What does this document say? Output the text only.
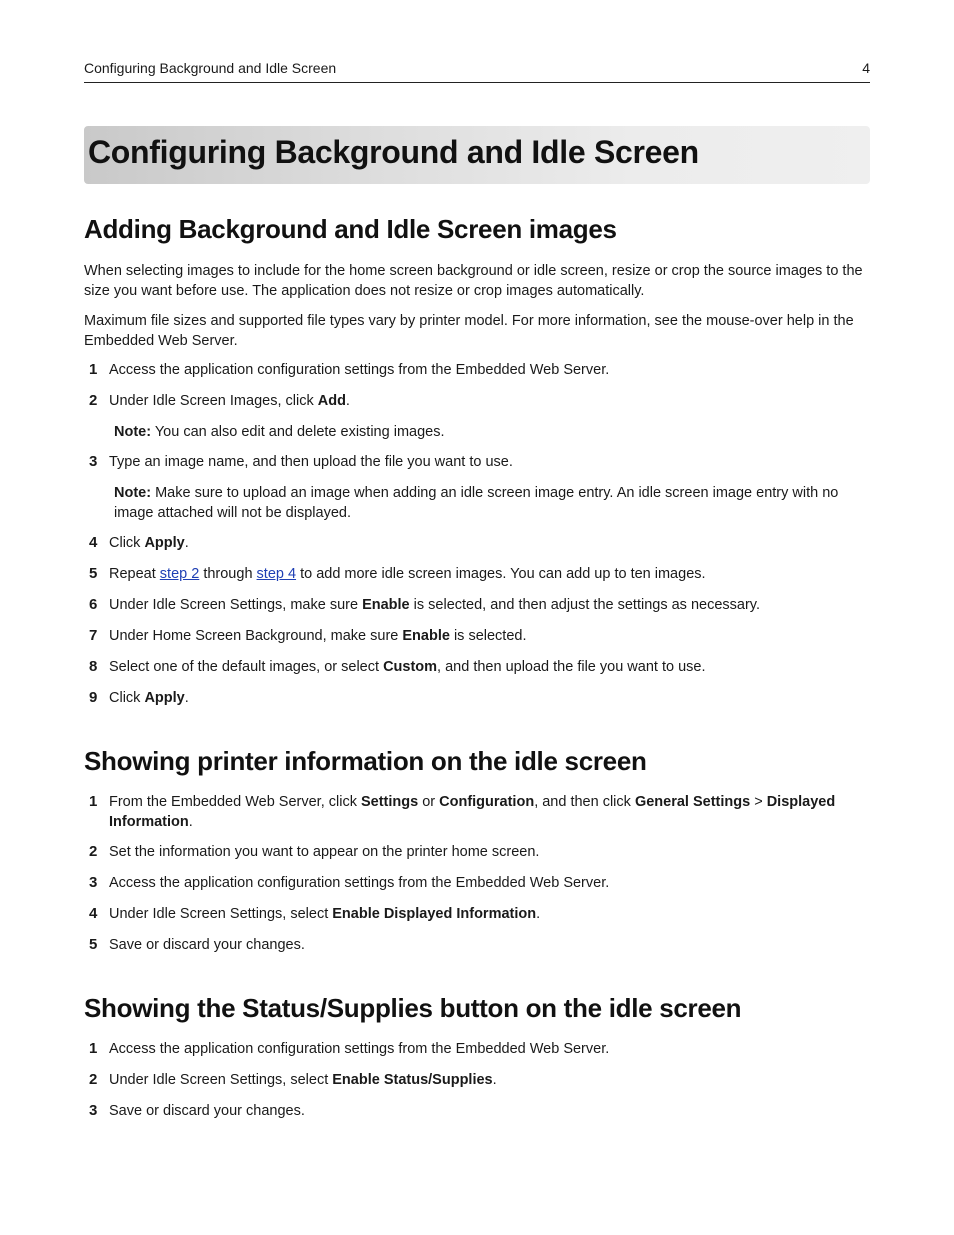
Configuring Background and Idle Screen	4
Configuring Background and Idle Screen
Adding Background and Idle Screen images

When selecting images to include for the home screen background or idle screen, resize or crop the source images to the size you want before use. The application does not resize or crop images automatically.

Maximum file sizes and supported file types vary by printer model. For more information, see the mouse-over help in the Embedded Web Server.

1 Access the application configuration settings from the Embedded Web Server.
2 Under Idle Screen Images, click Add.
Note: You can also edit and delete existing images.
3 Type an image name, and then upload the file you want to use.
Note: Make sure to upload an image when adding an idle screen image entry. An idle screen image entry with no image attached will not be displayed.
4 Click Apply.
5 Repeat step 2 through step 4 to add more idle screen images. You can add up to ten images.
6 Under Idle Screen Settings, make sure Enable is selected, and then adjust the settings as necessary.
7 Under Home Screen Background, make sure Enable is selected.
8 Select one of the default images, or select Custom, and then upload the file you want to use.
9 Click Apply.
Showing printer information on the idle screen
1 From the Embedded Web Server, click Settings or Configuration, and then click General Settings > Displayed Information.
2 Set the information you want to appear on the printer home screen.
3 Access the application configuration settings from the Embedded Web Server.
4 Under Idle Screen Settings, select Enable Displayed Information.
5 Save or discard your changes.
Showing the Status/Supplies button on the idle screen
1 Access the application configuration settings from the Embedded Web Server.
2 Under Idle Screen Settings, select Enable Status/Supplies.
3 Save or discard your changes.
